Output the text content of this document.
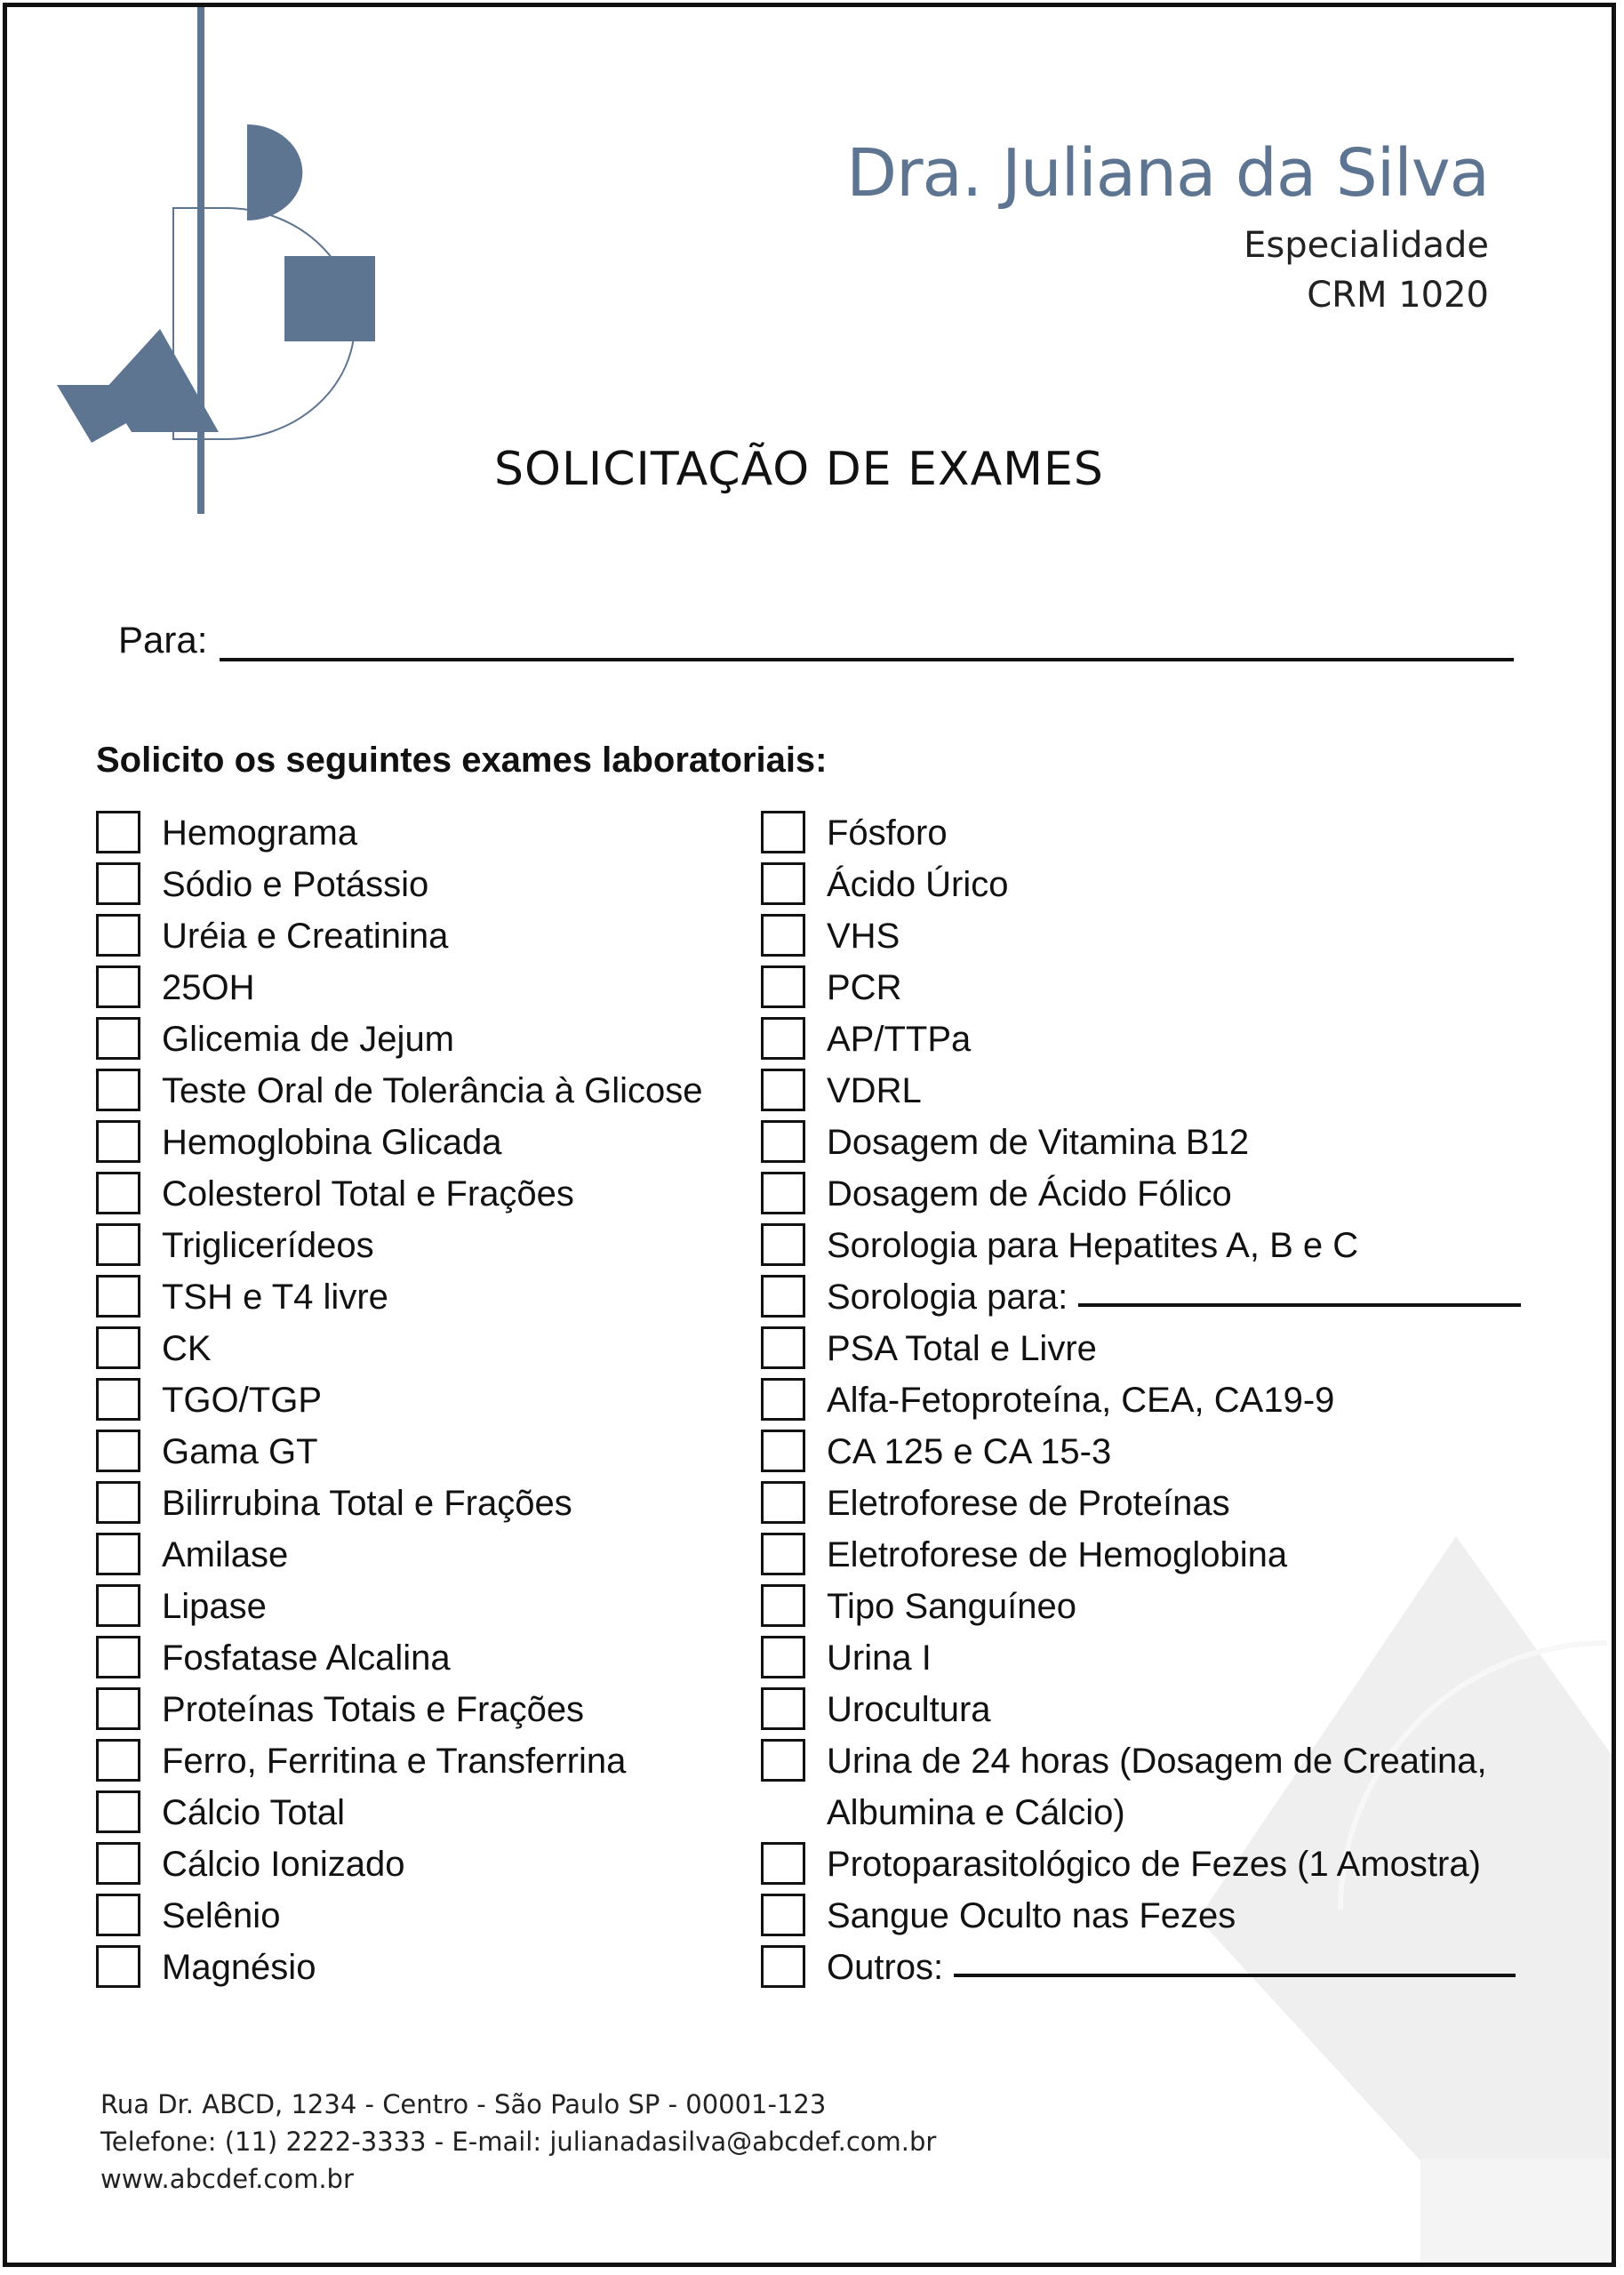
Dra. Juliana da Silva
Especialidade
CRM 1020
SOLICITAÇÃO DE EXAMES
Para:
Solicito os seguintes exames laboratoriais:
Hemograma
Sódio e Potássio
Uréia e Creatinina
25OH
Glicemia de Jejum
Teste Oral de Tolerância à Glicose
Hemoglobina Glicada
Colesterol Total e Frações
Triglicerídeos
TSH e T4 livre
CK
TGO/TGP
Gama GT
Bilirrubina Total e Frações
Amilase
Lipase
Fosfatase Alcalina
Proteínas Totais e Frações
Ferro, Ferritina e Transferrina
Cálcio Total
Cálcio Ionizado
Selênio
Magnésio
Fósforo
Ácido Úrico
VHS
PCR
AP/TTPa
VDRL
Dosagem de Vitamina B12
Dosagem de Ácido Fólico
Sorologia para Hepatites A, B e C
Sorologia para:
PSA Total e Livre
Alfa-Fetoproteína, CEA, CA19-9
CA 125 e CA 15-3
Eletroforese de Proteínas
Eletroforese de Hemoglobina
Tipo Sanguíneo
Urina I
Urocultura
Urina de 24 horas (Dosagem de Creatina, Albumina e Cálcio)
Protoparasitológico de Fezes (1 Amostra)
Sangue Oculto nas Fezes
Outros:
Rua Dr. ABCD, 1234 - Centro - São Paulo SP - 00001-123
Telefone: (11) 2222-3333 - E-mail: julianadasilva@abcdef.com.br
www.abcdef.com.br
